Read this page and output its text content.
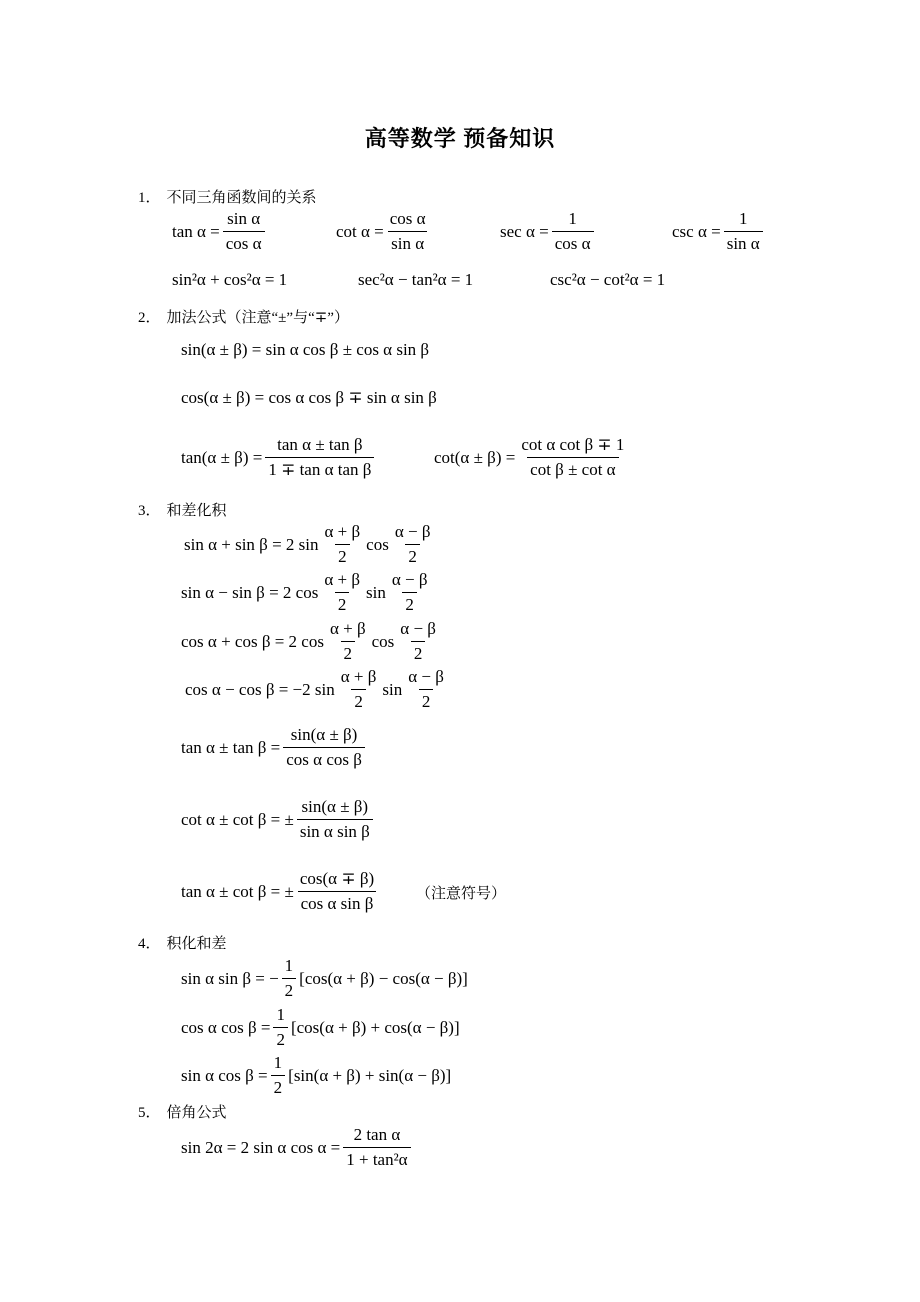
高等数学 预备知识
1． 不同三角函数间的关系
$\tan \alpha = \frac{\text{sin α}}{\text{cos α}}$	$\cot \alpha = \frac{\text{cos α}}{\text{sin α}}$	$\sec \alpha = \frac{1}{\text{cos α}}$	$\csc \alpha = \frac{1}{\text{sin α}}$
sin²α + cos²α = 1	sec²α − tan²α = 1	csc²α − cot²α = 1
2． 加法公式（注意“±”与“∓”）
sin(α ± β) = sin α cos β ± cos α sin β
cos(α ± β) = cos α cos β ∓ sin α sin β
$\tan(\alpha \pm \beta) = \frac{\text{tan α ± tan β}}{\text{1 ∓ tan α tan β}}$	$\cot(\alpha \pm \beta) = \frac{\text{cot α cot β ∓ 1}}{\text{cot β ± cot α}}$
3． 和差化积
sin α + sin β = 2 $\sin \frac{\alpha + \beta}{2}$ $\cos \frac{\alpha - \beta}{2}$
sin α − sin β = 2 $\cos \frac{\alpha + \beta}{2}$ $\sin \frac{\alpha - \beta}{2}$
cos α + cos β = 2 $\cos \frac{\alpha + \beta}{2}$ $\cos \frac{\alpha - \beta}{2}$
cos α − cos β = −2 $\sin \frac{\alpha + \beta}{2}$ $\sin \frac{\alpha - \beta}{2}$
$\tan \alpha \pm \tan \beta = \frac{\sin(\alpha \pm \beta)}{\text{cos α cos β}}$
cot α ± cot β = ± $\frac{\sin(\alpha \pm \beta)}{\text{sin α sin β}}$
tan α ± cot β = ± $\frac{\cos(\alpha \mp \beta)}{\text{cos α sin β}}$	（注意符号）
4． 积化和差
sin α sin β = − $\frac{1}{2} [\cos(\alpha + \beta) - \cos(\alpha - \beta)]$
cos α $\cos \beta = \frac{1}{2} [\cos(\alpha + \beta) + \cos(\alpha - \beta)]$
sin α $\cos \beta = \frac{1}{2} [\sin(\alpha + \beta) + \sin(\alpha - \beta)]$
5． 倍角公式
sin 2α = 2 sin α $\cos \alpha = \frac{\text{2 tan α}}{\text{1 + tan²α}}$
